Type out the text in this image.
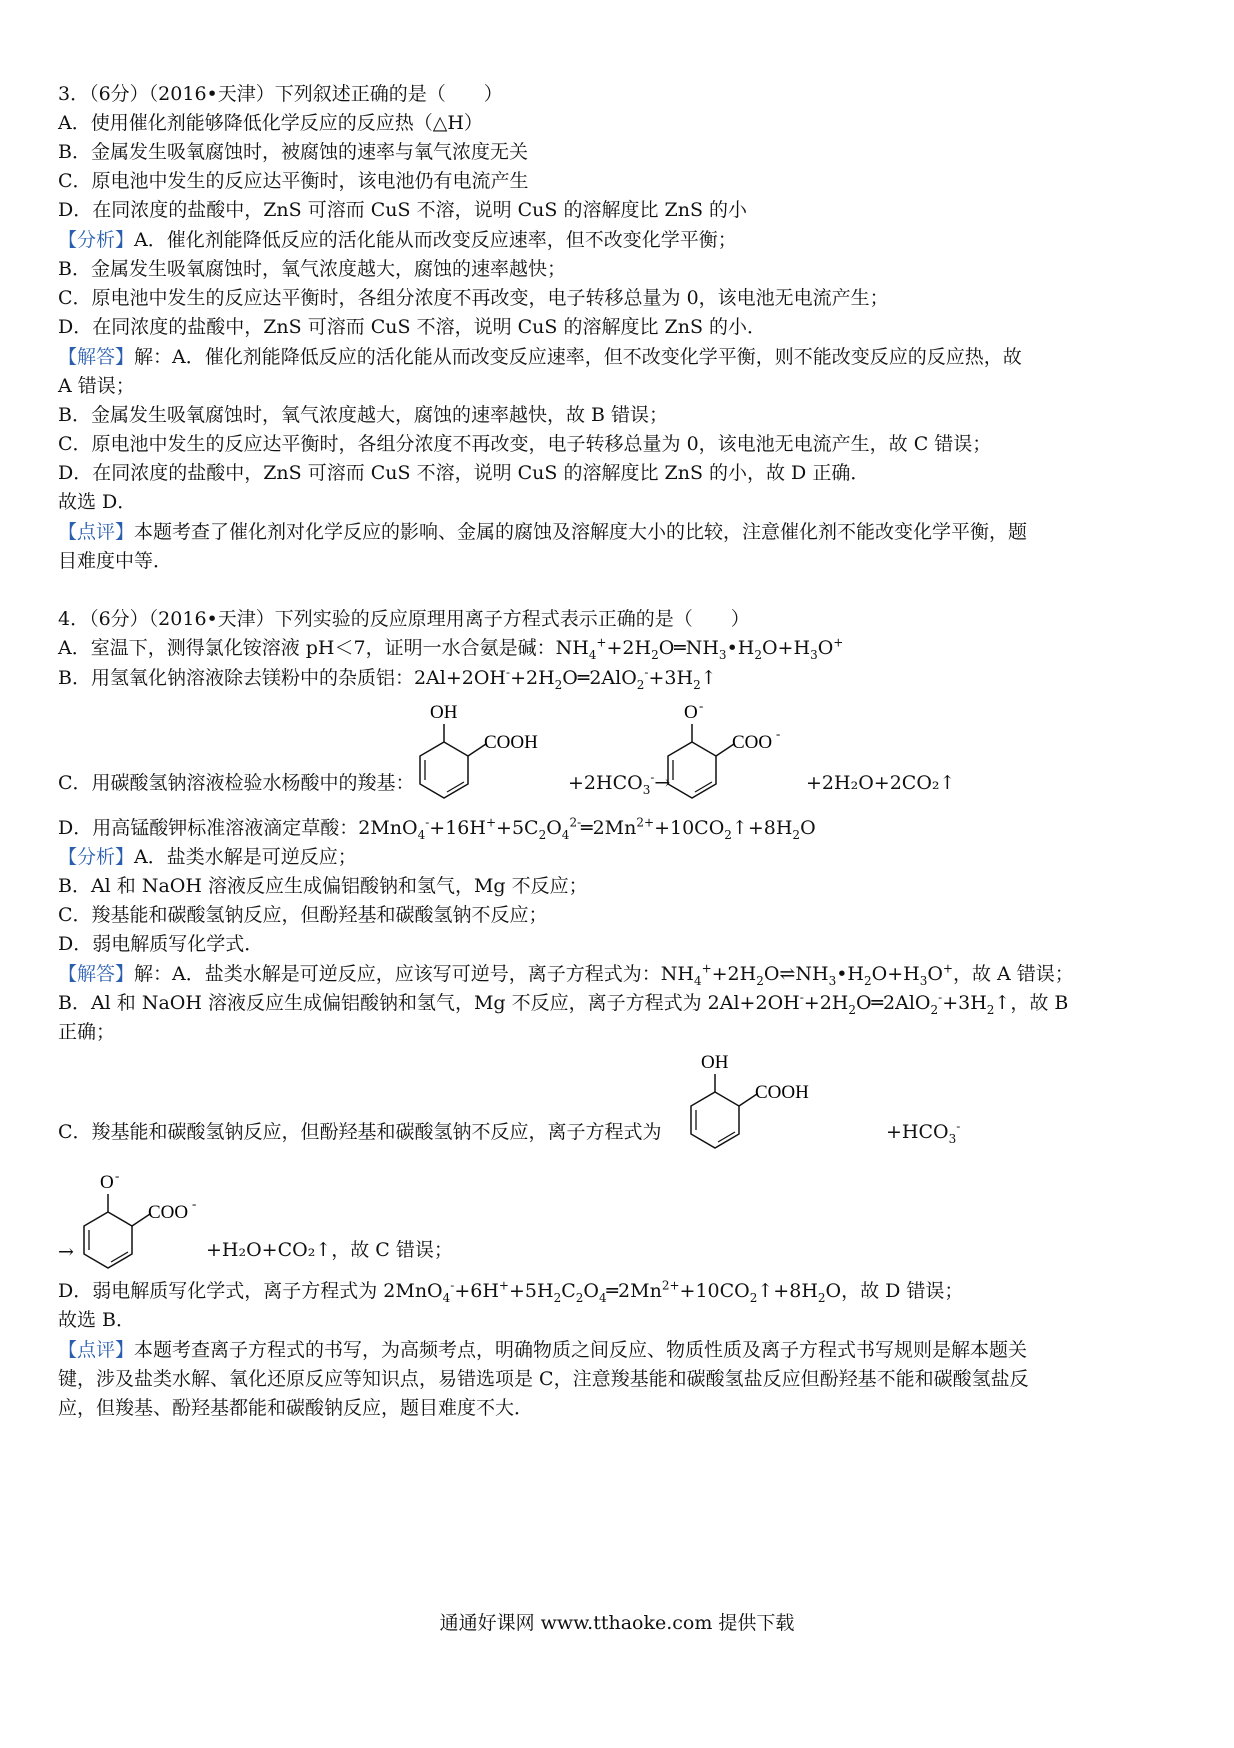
3．（6分）（2016•天津）下列叙述正确的是（　　）
A．使用催化剂能够降低化学反应的反应热（△H）
B．金属发生吸氧腐蚀时，被腐蚀的速率与氧气浓度无关
C．原电池中发生的反应达平衡时，该电池仍有电流产生
D．在同浓度的盐酸中，ZnS 可溶而 CuS 不溶，说明 CuS 的溶解度比 ZnS 的小
【分析】A．催化剂能降低反应的活化能从而改变反应速率，但不改变化学平衡；
B．金属发生吸氧腐蚀时，氧气浓度越大，腐蚀的速率越快；
C．原电池中发生的反应达平衡时，各组分浓度不再改变，电子转移总量为 0，该电池无电流产生；
D．在同浓度的盐酸中，ZnS 可溶而 CuS 不溶，说明 CuS 的溶解度比 ZnS 的小．
【解答】解：A．催化剂能降低反应的活化能从而改变反应速率，但不改变化学平衡，则不能改变反应的反应热，故
A 错误；
B．金属发生吸氧腐蚀时，氧气浓度越大，腐蚀的速率越快，故 B 错误；
C．原电池中发生的反应达平衡时，各组分浓度不再改变，电子转移总量为 0，该电池无电流产生，故 C 错误；
D．在同浓度的盐酸中，ZnS 可溶而 CuS 不溶，说明 CuS 的溶解度比 ZnS 的小，故 D 正确．
故选 D．
【点评】本题考查了催化剂对化学反应的影响、金属的腐蚀及溶解度大小的比较，注意催化剂不能改变化学平衡，题
目难度中等．
4．（6分）（2016•天津）下列实验的反应原理用离子方程式表示正确的是（　　）
A．室温下，测得氯化铵溶液 pH＜7，证明一水合氨是碱：$NH_4^++2H_2O═NH_3•H_2O+H_3O^+$
B．用氢氧化钠溶液除去镁粉中的杂质铝：$2Al+2OH^-+2H_2O═2AlO_2^-+3H_2↑$
OH
COOH
C．用碳酸氢钠溶液检验水杨酸中的羧基：	$+2HCO_3^-\to$
O -
COO -
+2H₂O+2CO₂↑
D．用高锰酸钾标准溶液滴定草酸：$2MnO_4^-+16H^++5C_2O_4^{2-}═2Mn^{2+}+10CO_2↑+8H_2O$
【分析】A．盐类水解是可逆反应；
B．Al 和 NaOH 溶液反应生成偏铝酸钠和氢气，Mg 不反应；
C．羧基能和碳酸氢钠反应，但酚羟基和碳酸氢钠不反应；
D．弱电解质写化学式．
【解答】解：A．盐类水解是可逆反应，应该写可逆号，离子方程式为：$NH_4^++2H_2O\rightleftharpoons NH_3•H_2O+H_3O^+$，故 A 错误；
B．Al 和 NaOH 溶液反应生成偏铝酸钠和氢气，Mg 不反应，离子方程式为 $2Al+2OH^-+2H_2O═2AlO_2^-+3H_2↑$，故 B
正确；
OH
COOH
C．羧基能和碳酸氢钠反应，但酚羟基和碳酸氢钠不反应，离子方程式为	$+HCO_3^-$
O -
COO -
→	+H₂O+CO₂↑，故 C 错误；
D．弱电解质写化学式，离子方程式为 $2MnO_4^-+6H^++5H_2C_2O_4═2Mn^{2+}+10CO_2↑+8H_2O$，故 D 错误；
故选 B．
【点评】本题考查离子方程式的书写，为高频考点，明确物质之间反应、物质性质及离子方程式书写规则是解本题关
键，涉及盐类水解、氧化还原反应等知识点，易错选项是 C，注意羧基能和碳酸氢盐反应但酚羟基不能和碳酸氢盐反
应，但羧基、酚羟基都能和碳酸钠反应，题目难度不大．
通通好课网 www.tthaoke.com 提供下载
